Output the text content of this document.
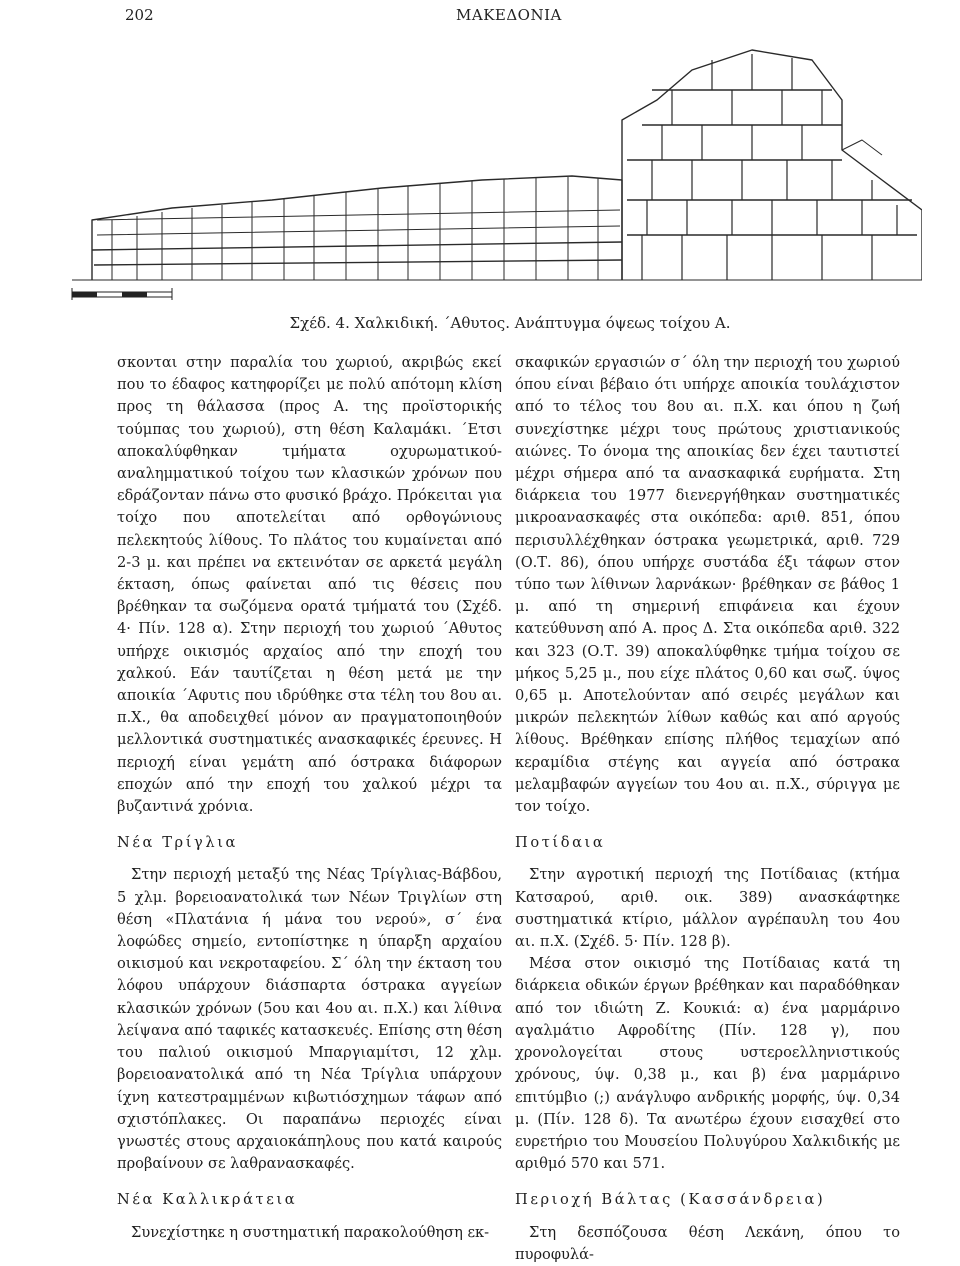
202	ΜΑΚΕΔΟΝΙΑ
Σχέδ. 4. Χαλκιδική. ΄Αθυτος. Ανάπτυγμα όψεως τοίχου Α.

σκονται στην παραλία του χωριού, ακριβώς εκεί που το έδαφος κατηφορίζει με πολύ απότομη κλίση προς τη θάλασσα (προς Α. της προϊστορικής τούμπας του χωριού), στη θέση Καλαμάκι. ΄Ετσι αποκαλύφθηκαν τμήματα οχυρωματικού-αναλημματικού τοίχου των κλασικών χρόνων που εδράζονταν πάνω στο φυσικό βράχο. Πρόκειται για τοίχο που αποτελείται από ορθογώνιους πελεκητούς λίθους. Το πλάτος του κυμαίνεται από 2-3 μ. και πρέπει να εκτεινόταν σε αρκετά μεγάλη έκταση, όπως φαίνεται από τις θέσεις που βρέθηκαν τα σωζόμενα ορατά τμήματά του (Σχέδ. 4· Πίν. 128 α). Στην περιοχή του χωριού ΄Αθυτος υπήρχε οικισμός αρχαίος από την εποχή του χαλκού. Εάν ταυτίζεται η θέση μετά με την αποικία ΄Αφυτις που ιδρύθηκε στα τέλη του 8ου αι. π.Χ., θα αποδειχθεί μόνον αν πραγματοποιηθούν μελλοντικά συστηματικές ανασκαφικές έρευνες. Η περιοχή είναι γεμάτη από όστρακα διάφορων εποχών από την εποχή του χαλκού μέχρι τα βυζαντινά χρόνια.

Νέα Τρίγλια

Στην περιοχή μεταξύ της Νέας Τρίγλιας-Βάβδου, 5 χλμ. βορειοανατολικά των Νέων Τριγλίων στη θέση «Πλατάνια ή μάνα του νερού», σ΄ ένα λοφώδες σημείο, εντοπίστηκε η ύπαρξη αρχαίου οικισμού και νεκροταφείου. Σ΄ όλη την έκταση του λόφου υπάρχουν διάσπαρτα όστρακα αγγείων κλασικών χρόνων (5ου και 4ου αι. π.Χ.) και λίθινα λείψανα από ταφικές κατασκευές. Επίσης στη θέση του παλιού οικισμού Μπαργιαμίτσι, 12 χλμ. βορειοανατολικά από τη Νέα Τρίγλια υπάρχουν ίχνη κατεστραμμένων κιβωτιόσχημων τάφων από σχιστόπλακες. Οι παραπάνω περιοχές είναι γνωστές στους αρχαιοκάπηλους που κατά καιρούς προβαίνουν σε λαθρανασκαφές.

Νέα Καλλικράτεια

Συνεχίστηκε η συστηματική παρακολούθηση εκ-

σκαφικών εργασιών σ΄ όλη την περιοχή του χωριού όπου είναι βέβαιο ότι υπήρχε αποικία τουλάχιστον από το τέλος του 8ου αι. π.Χ. και όπου η ζωή συνεχίστηκε μέχρι τους πρώτους χριστιανικούς αιώνες. Το όνομα της αποικίας δεν έχει ταυτιστεί μέχρι σήμερα από τα ανασκαφικά ευρήματα. Στη διάρκεια του 1977 διενεργήθηκαν συστηματικές μικροανασκαφές στα οικόπεδα: αριθ. 851, όπου περισυλλέχθηκαν όστρακα γεωμετρικά, αριθ. 729 (Ο.Τ. 86), όπου υπήρχε συστάδα έξι τάφων στον τύπο των λίθινων λαρνάκων· βρέθηκαν σε βάθος 1 μ. από τη σημερινή επιφάνεια και έχουν κατεύθυνση από Α. προς Δ. Στα οικόπεδα αριθ. 322 και 323 (Ο.Τ. 39) αποκαλύφθηκε τμήμα τοίχου σε μήκος 5,25 μ., που είχε πλάτος 0,60 και σωζ. ύψος 0,65 μ. Αποτελούνταν από σειρές μεγάλων και μικρών πελεκητών λίθων καθώς και από αργούς λίθους. Βρέθηκαν επίσης πλήθος τεμαχίων από κεραμίδια στέγης και αγγεία από όστρακα μελαμβαφών αγγείων του 4ου αι. π.Χ., σύριγγα με τον τοίχο.

Ποτίδαια

Στην αγροτική περιοχή της Ποτίδαιας (κτήμα Κατσαρού, αριθ. οικ. 389) ανασκάφτηκε συστηματικά κτίριο, μάλλον αγρέπαυλη του 4ου αι. π.Χ. (Σχέδ. 5· Πίν. 128 β).

Μέσα στον οικισμό της Ποτίδαιας κατά τη διάρκεια οδικών έργων βρέθηκαν και παραδόθηκαν από τον ιδιώτη Ζ. Κουκιά: α) ένα μαρμάρινο αγαλμάτιο Αφροδίτης (Πίν. 128 γ), που χρονολογείται στους υστεροελληνιστικούς χρόνους, ύψ. 0,38 μ., και β) ένα μαρμάρινο επιτύμβιο (;) ανάγλυφο ανδρικής μορφής, ύψ. 0,34 μ. (Πίν. 128 δ). Τα ανωτέρω έχουν εισαχθεί στο ευρετήριο του Μουσείου Πολυγύρου Χαλκιδικής με αριθμό 570 και 571.

Περιοχή Βάλτας (Κασσάνδρεια)

Στη δεσπόζουσα θέση Λεκάνη, όπου το πυροφυλά-
